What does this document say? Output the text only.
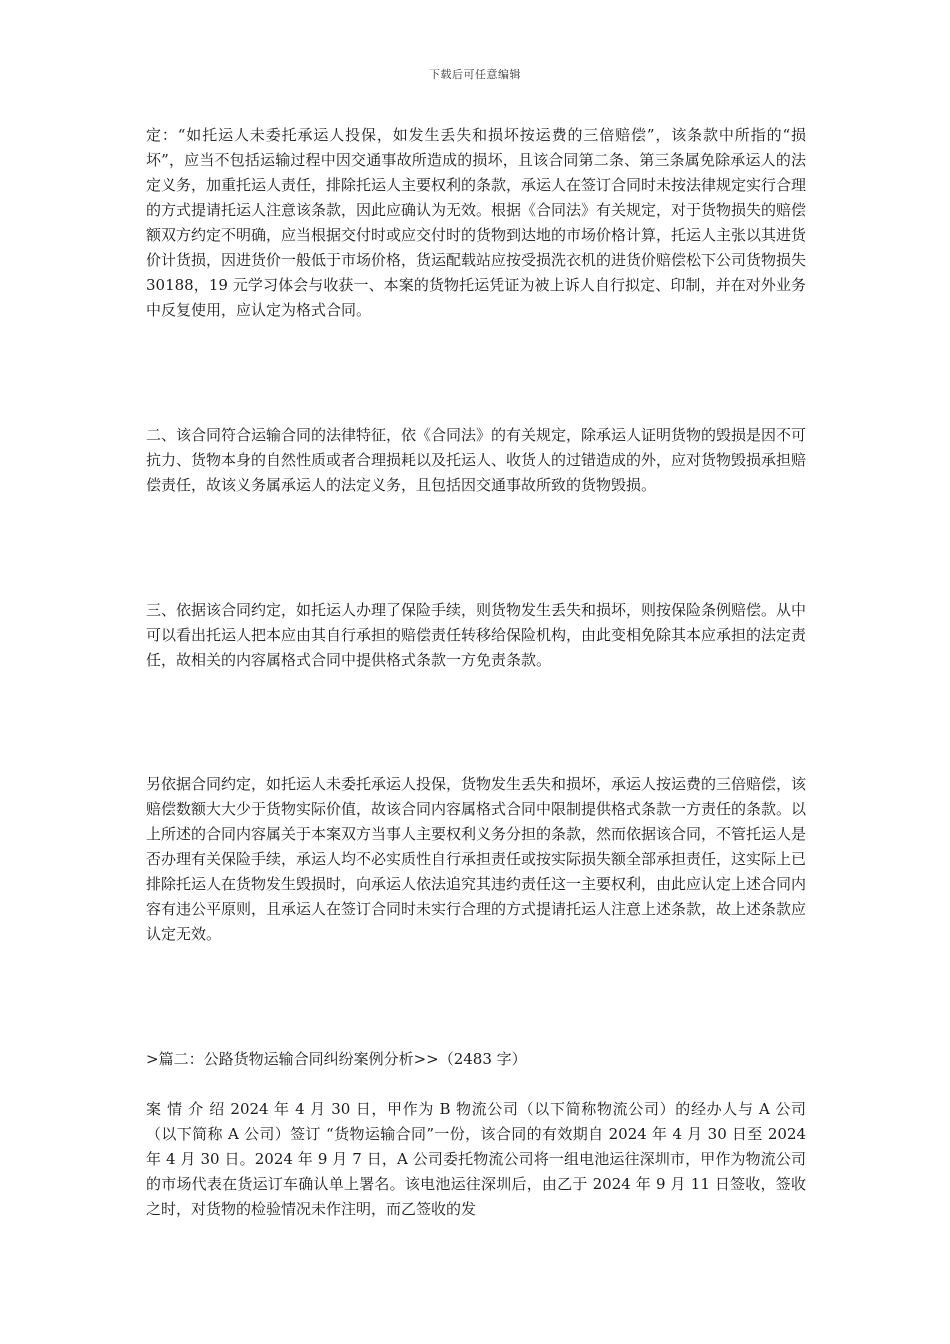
下载后可任意编辑

定：“如托运人未委托承运人投保，如发生丢失和损坏按运费的三倍赔偿”，该条款中所指的“损坏”，应当不包括运输过程中因交通事故所造成的损坏，且该合同第二条、第三条属免除承运人的法定义务，加重托运人责任，排除托运人主要权利的条款，承运人在签订合同时未按法律规定实行合理的方式提请托运人注意该条款，因此应确认为无效。根据《合同法》有关规定，对于货物损失的赔偿额双方约定不明确，应当根据交付时或应交付时的货物到达地的市场价格计算，托运人主张以其进货价计货损，因进货价一般低于市场价格，货运配载站应按受损洗衣机的进货价赔偿松下公司货物损失 30188，19 元学习体会与收获一、本案的货物托运凭证为被上诉人自行拟定、印制，并在对外业务中反复使用，应认定为格式合同。

二、该合同符合运输合同的法律特征，依《合同法》的有关规定，除承运人证明货物的毁损是因不可抗力、货物本身的自然性质或者合理损耗以及托运人、收货人的过错造成的外，应对货物毁损承担赔偿责任，故该义务属承运人的法定义务，且包括因交通事故所致的货物毁损。

三、依据该合同约定，如托运人办理了保险手续，则货物发生丢失和损坏，则按保险条例赔偿。从中可以看出托运人把本应由其自行承担的赔偿责任转移给保险机构，由此变相免除其本应承担的法定责任，故相关的内容属格式合同中提供格式条款一方免责条款。

另依据合同约定，如托运人未委托承运人投保，货物发生丢失和损坏，承运人按运费的三倍赔偿，该赔偿数额大大少于货物实际价值，故该合同内容属格式合同中限制提供格式条款一方责任的条款。以上所述的合同内容属关于本案双方当事人主要权利义务分担的条款，然而依据该合同，不管托运人是否办理有关保险手续，承运人均不必实质性自行承担责任或按实际损失额全部承担责任，这实际上已排除托运人在货物发生毁损时，向承运人依法追究其违约责任这一主要权利，由此应认定上述合同内容有违公平原则，且承运人在签订合同时未实行合理的方式提请托运人注意上述条款，故上述条款应认定无效。

>篇二：公路货物运输合同纠纷案例分析>>（2483 字）

案 情 介 绍 2024 年 4 月 30 日，甲作为 B 物流公司（以下简称物流公司）的经办人与 A 公司（以下简称 A 公司）签订 “货物运输合同”一份，该合同的有效期自 2024 年 4 月 30 日至 2024 年 4 月 30 日。2024 年 9 月 7 日，A 公司委托物流公司将一组电池运往深圳市，甲作为物流公司的市场代表在货运订车确认单上署名。该电池运往深圳后，由乙于 2024 年 9 月 11 日签收，签收之时，对货物的检验情况未作注明，而乙签收的发
